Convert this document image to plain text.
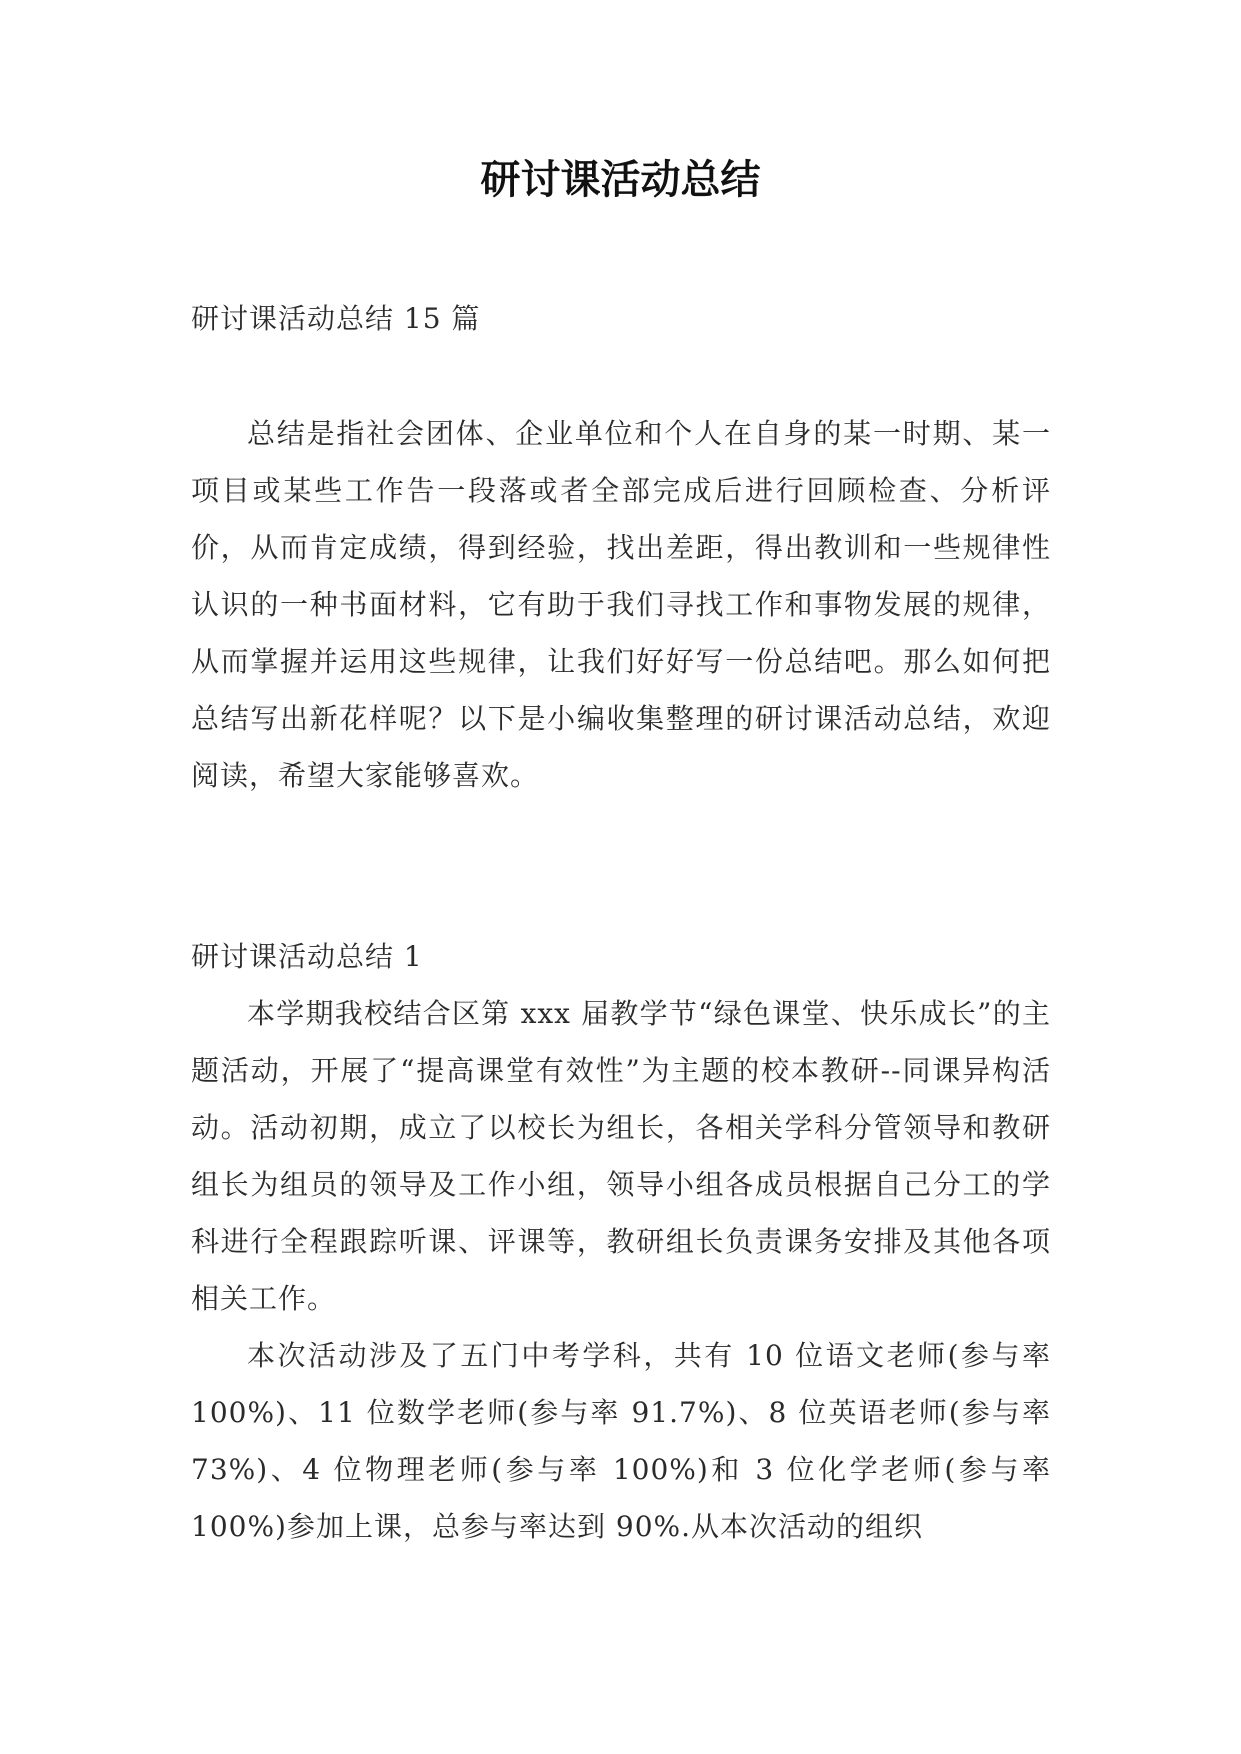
研讨课活动总结

研讨课活动总结 15 篇

总结是指社会团体、企业单位和个人在自身的某一时期、某一项目或某些工作告一段落或者全部完成后进行回顾检查、分析评价，从而肯定成绩，得到经验，找出差距，得出教训和一些规律性认识的一种书面材料，它有助于我们寻找工作和事物发展的规律，从而掌握并运用这些规律，让我们好好写一份总结吧。那么如何把总结写出新花样呢？以下是小编收集整理的研讨课活动总结，欢迎阅读，希望大家能够喜欢。

研讨课活动总结 1

本学期我校结合区第 xxx 届教学节“绿色课堂、快乐成长”的主题活动，开展了“提高课堂有效性”为主题的校本教研--同课异构活动。活动初期，成立了以校长为组长，各相关学科分管领导和教研组长为组员的领导及工作小组，领导小组各成员根据自己分工的学科进行全程跟踪听课、评课等，教研组长负责课务安排及其他各项相关工作。

本次活动涉及了五门中考学科，共有 10 位语文老师(参与率 100%)、11 位数学老师(参与率 91.7%)、8 位英语老师(参与率 73%)、4 位物理老师(参与率 100%)和 3 位化学老师(参与率 100%)参加上课，总参与率达到 90%.从本次活动的组织
